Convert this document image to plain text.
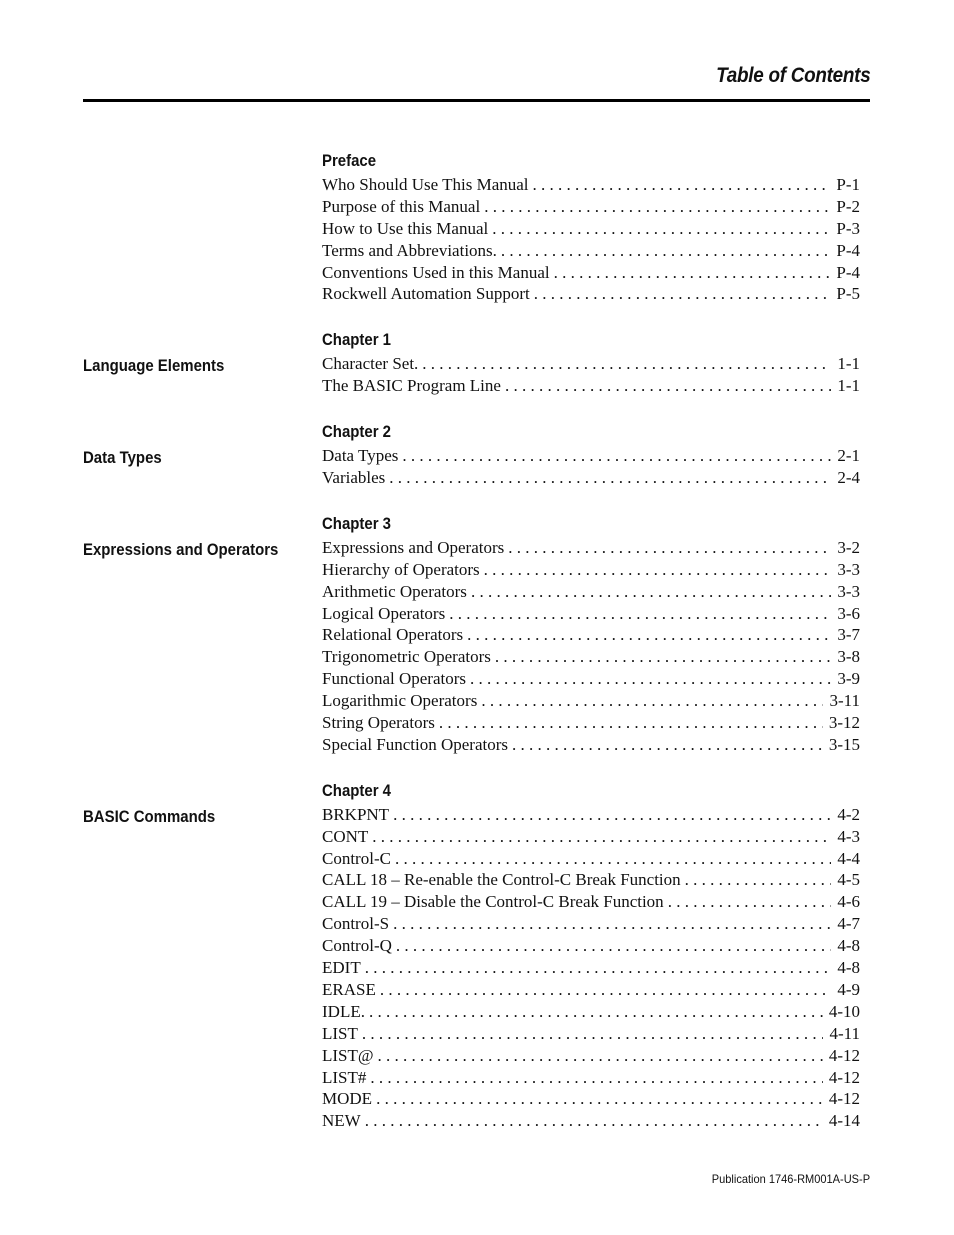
Table of Contents
Preface
Who Should Use This Manual . . .	P-1
Purpose of this Manual . . .	P-2
How to Use this Manual . . .	P-3
Terms and Abbreviations. . . .	P-4
Conventions Used in this Manual . . .	P-4
Rockwell Automation Support . . .	P-5
Chapter 1
Language Elements	Character Set. . . .	1-1
The BASIC Program Line . . .	1-1
Chapter 2
Data Types	Data Types . . .	2-1
Variables . . .	2-4
Chapter 3
Expressions and Operators	Expressions and Operators . . .	3-2
Hierarchy of Operators . . .	3-3
Arithmetic Operators . . .	3-3
Logical Operators . . .	3-6
Relational Operators . . .	3-7
Trigonometric Operators . . .	3-8
Functional Operators . . .	3-9
Logarithmic Operators . . .	3-11
String Operators . . .	3-12
Special Function Operators . . .	3-15
Chapter 4
BASIC Commands	BRKPNT . . .	4-2
CONT . . .	4-3
Control-C . . .	4-4
CALL 18 – Re-enable the Control-C Break Function . . .	4-5
CALL 19 – Disable the Control-C Break Function . . .	4-6
Control-S . . .	4-7
Control-Q . . .	4-8
EDIT . . .	4-8
ERASE . . .	4-9
IDLE. . . .	4-10
LIST . . .	4-11
LIST@ . . .	4-12
LIST# . . .	4-12
MODE . . .	4-12
NEW . . .	4-14
Publication 1746-RM001A-US-P
